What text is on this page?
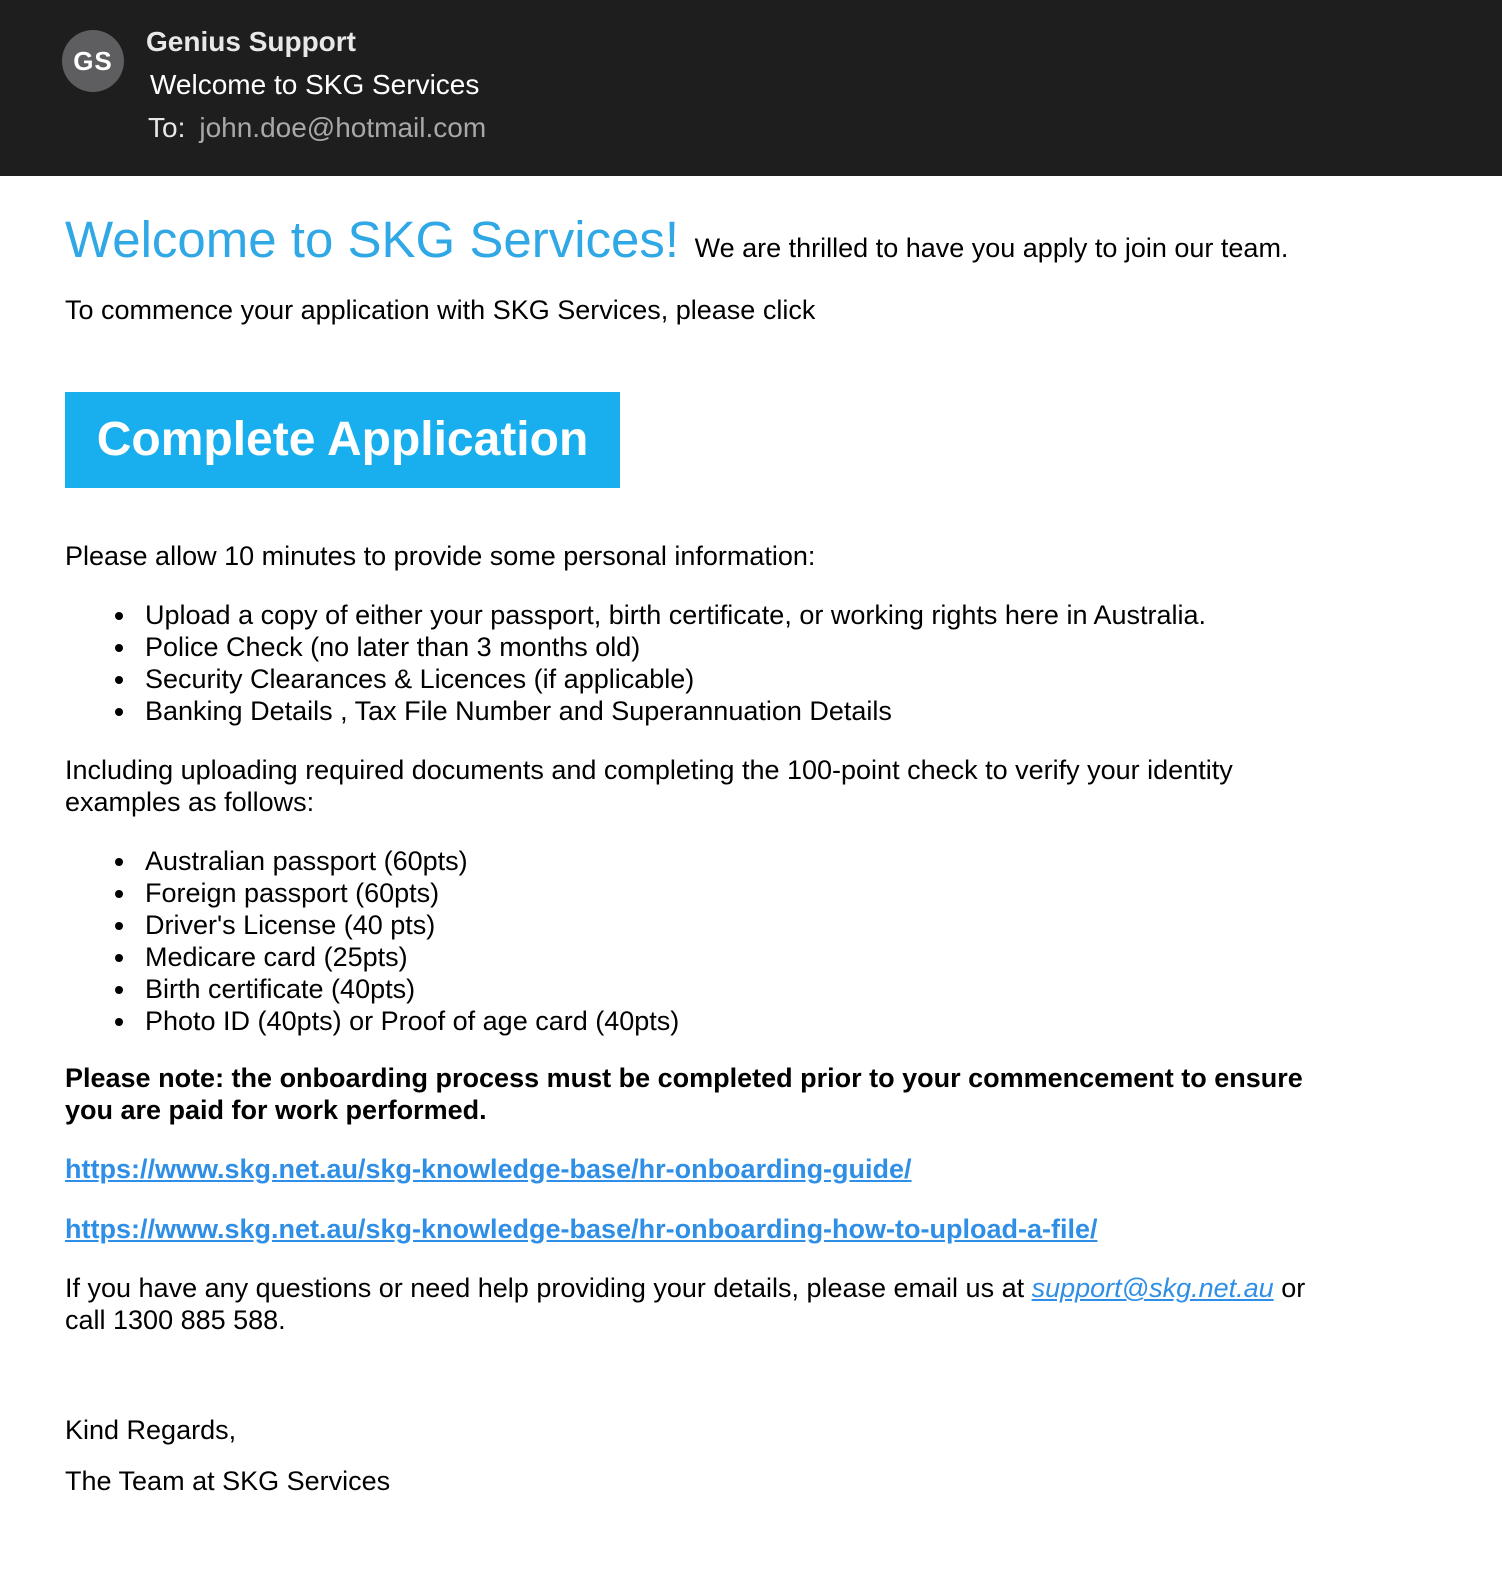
GS
Genius Support
Welcome to SKG Services
To: john.doe@hotmail.com
Welcome to SKG Services! We are thrilled to have you apply to join our team.
To commence your application with SKG Services, please click
Complete Application
Please allow 10 minutes to provide some personal information:
Upload a copy of either your passport, birth certificate, or working rights here in Australia.
Police Check (no later than 3 months old)
Security Clearances & Licences (if applicable)
Banking Details , Tax File Number and Superannuation Details
Including uploading required documents and completing the 100-point check to verify your identity
examples as follows:
Australian passport (60pts)
Foreign passport (60pts)
Driver's License (40 pts)
Medicare card (25pts)
Birth certificate (40pts)
Photo ID (40pts) or Proof of age card (40pts)
Please note: the onboarding process must be completed prior to your commencement to ensure
you are paid for work performed.
https://www.skg.net.au/skg-knowledge-base/hr-onboarding-guide/
https://www.skg.net.au/skg-knowledge-base/hr-onboarding-how-to-upload-a-file/
If you have any questions or need help providing your details, please email us at support@skg.net.au or
call 1300 885 588.
Kind Regards,
The Team at SKG Services
